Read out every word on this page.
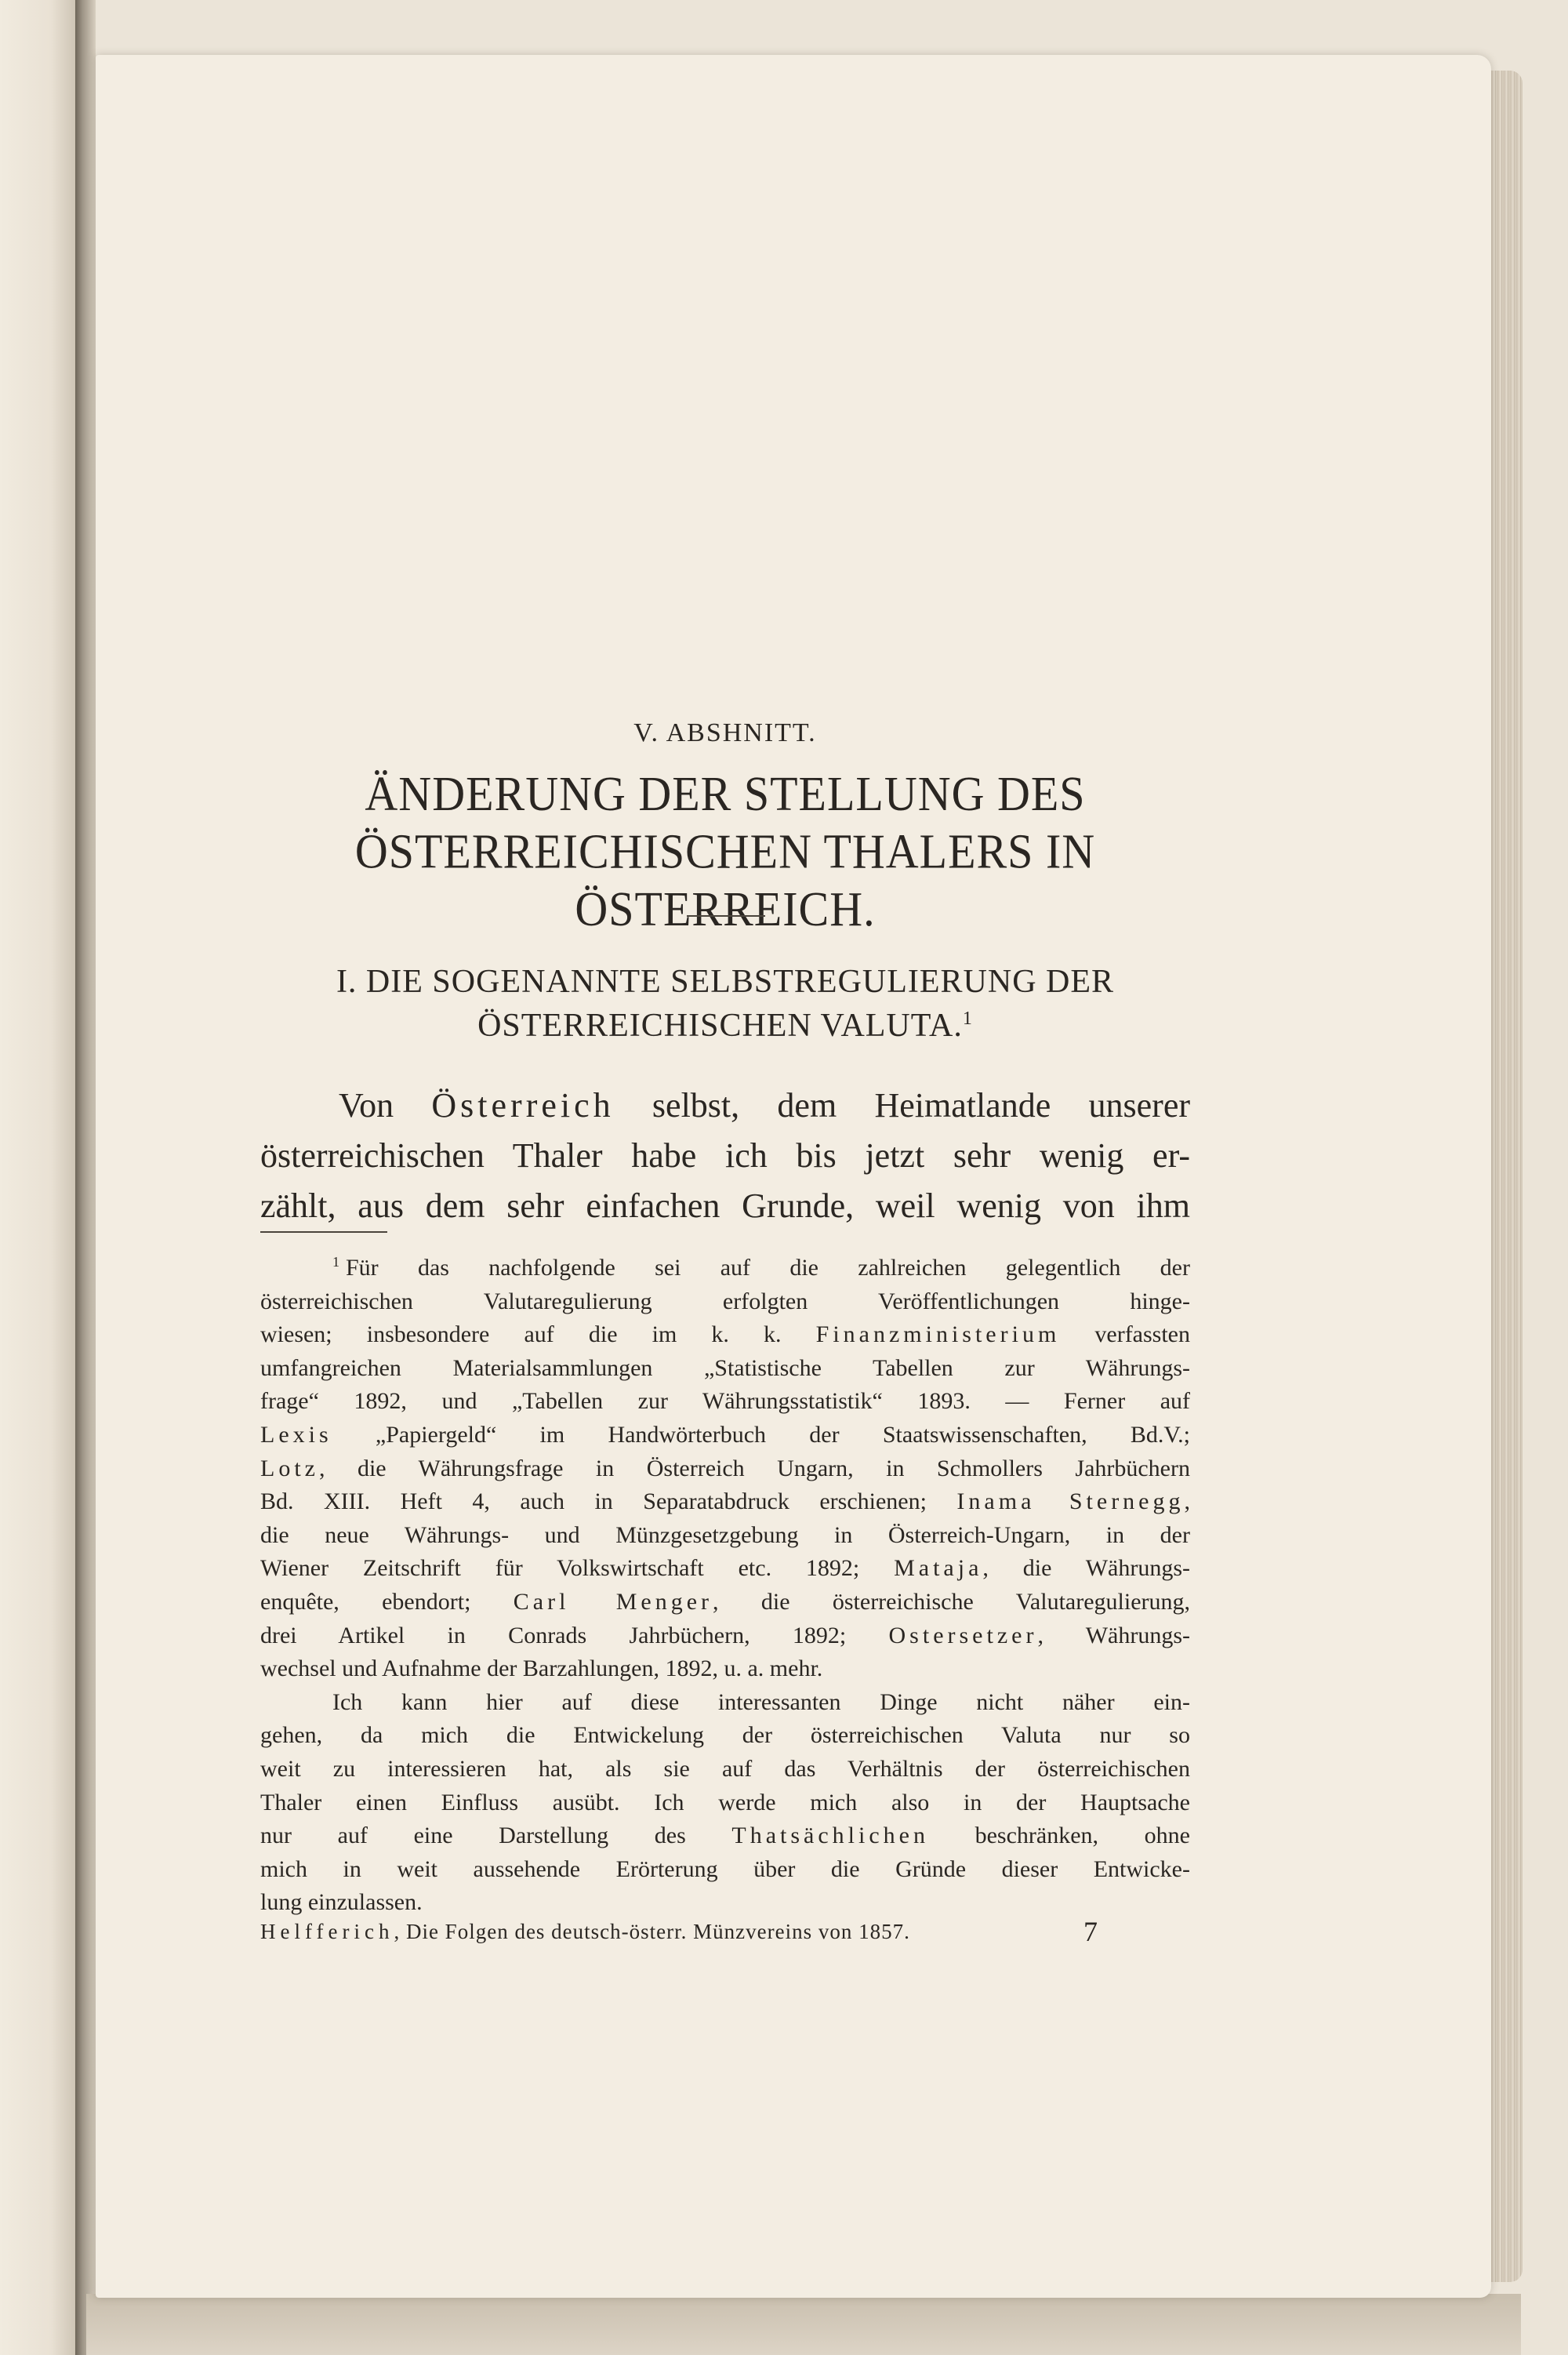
V. ABSHNITT.
ÄNDERUNG DER STELLUNG DES
ÖSTERREICHISCHEN THALERS IN ÖSTERREICH.
I. DIE SOGENANNTE SELBSTREGULIERUNG DER
ÖSTERREICHISCHEN VALUTA.$^1$
Von Österreich selbst, dem Heimatlande unserer
österreichischen Thaler habe ich bis jetzt sehr wenig er-
zählt, aus dem sehr einfachen Grunde, weil wenig von ihm
$^1$ Für das nachfolgende sei auf die zahlreichen gelegentlich der
österreichischen Valutaregulierung erfolgten Veröffentlichungen hinge-
wiesen; insbesondere auf die im k. k. Finanzministerium verfassten
umfangreichen Materialsammlungen „Statistische Tabellen zur Währungs-
frage“ 1892, und „Tabellen zur Währungsstatistik“ 1893. — Ferner auf
Lexis „Papiergeld“ im Handwörterbuch der Staatswissenschaften, Bd.V.;
Lotz, die Währungsfrage in Österreich Ungarn, in Schmollers Jahrbüchern
Bd. XIII. Heft 4, auch in Separatabdruck erschienen; Inama Sternegg,
die neue Währungs- und Münzgesetzgebung in Österreich-Ungarn, in der
Wiener Zeitschrift für Volkswirtschaft etc. 1892; Mataja, die Währungs-
enquête, ebendort; Carl Menger, die österreichische Valutaregulierung,
drei Artikel in Conrads Jahrbüchern, 1892; Ostersetzer, Währungs-
wechsel und Aufnahme der Barzahlungen, 1892, u. a. mehr.
Ich kann hier auf diese interessanten Dinge nicht näher ein-
gehen, da mich die Entwickelung der österreichischen Valuta nur so
weit zu interessieren hat, als sie auf das Verhältnis der österreichischen
Thaler einen Einfluss ausübt. Ich werde mich also in der Hauptsache
nur auf eine Darstellung des Thatsächlichen beschränken, ohne
mich in weit aussehende Erörterung über die Gründe dieser Entwicke-
lung einzulassen.
Helfferich, Die Folgen des deutsch-österr. Münzvereins von 1857.	7
